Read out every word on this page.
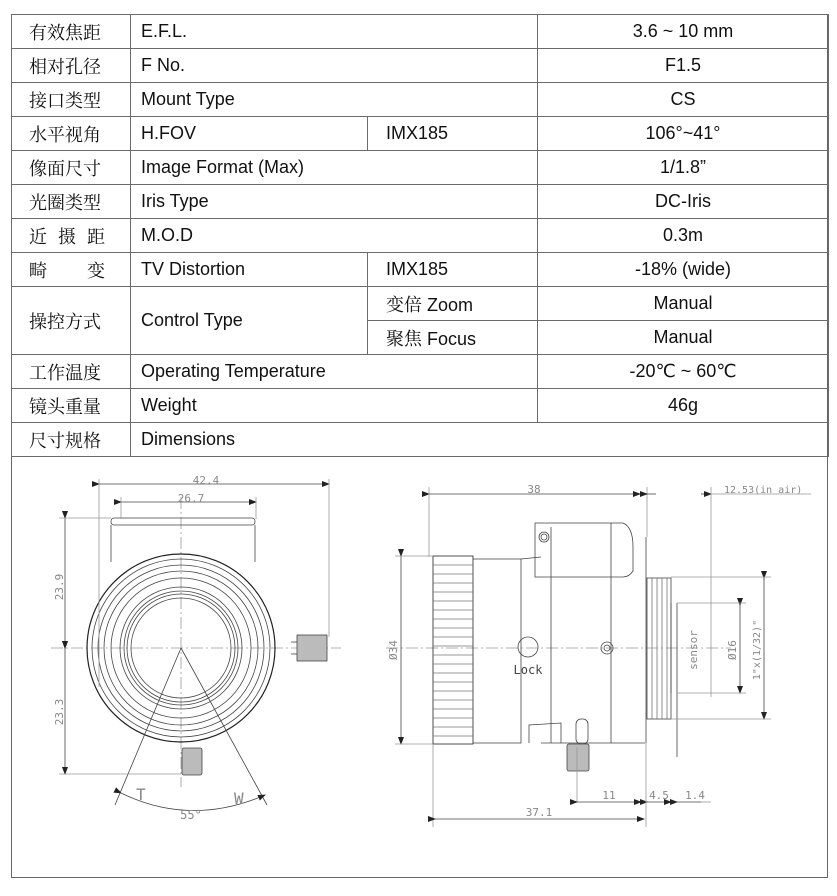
有效焦距	E.F.L.		3.6 ~ 10 mm
相对孔径	F No.		F1.5
接口类型	Mount Type		CS
水平视角	H.FOV	IMX185	106°~41°
像面尺寸	Image Format (Max)		1/1.8”
光圈类型	Iris Type		DC-Iris

近 摄 距	M.O.D		0.3m

畸 变	TV Distortion	IMX185	-18% (wide)
操控方式	Control Type	变倍 Zoom	Manual
		聚焦 Focus	Manual
工作温度	Operating Temperature		-20℃ ~ 60℃
镜头重量	Weight		46g
尺寸规格	Dimensions		
42.4
26.7
23.9
23.3
55°
T	W
38	12.53(in air)
Ø34	Ø16 1"x(1/32)"
sensor
Lock
37.1
11	4.5 1.4
